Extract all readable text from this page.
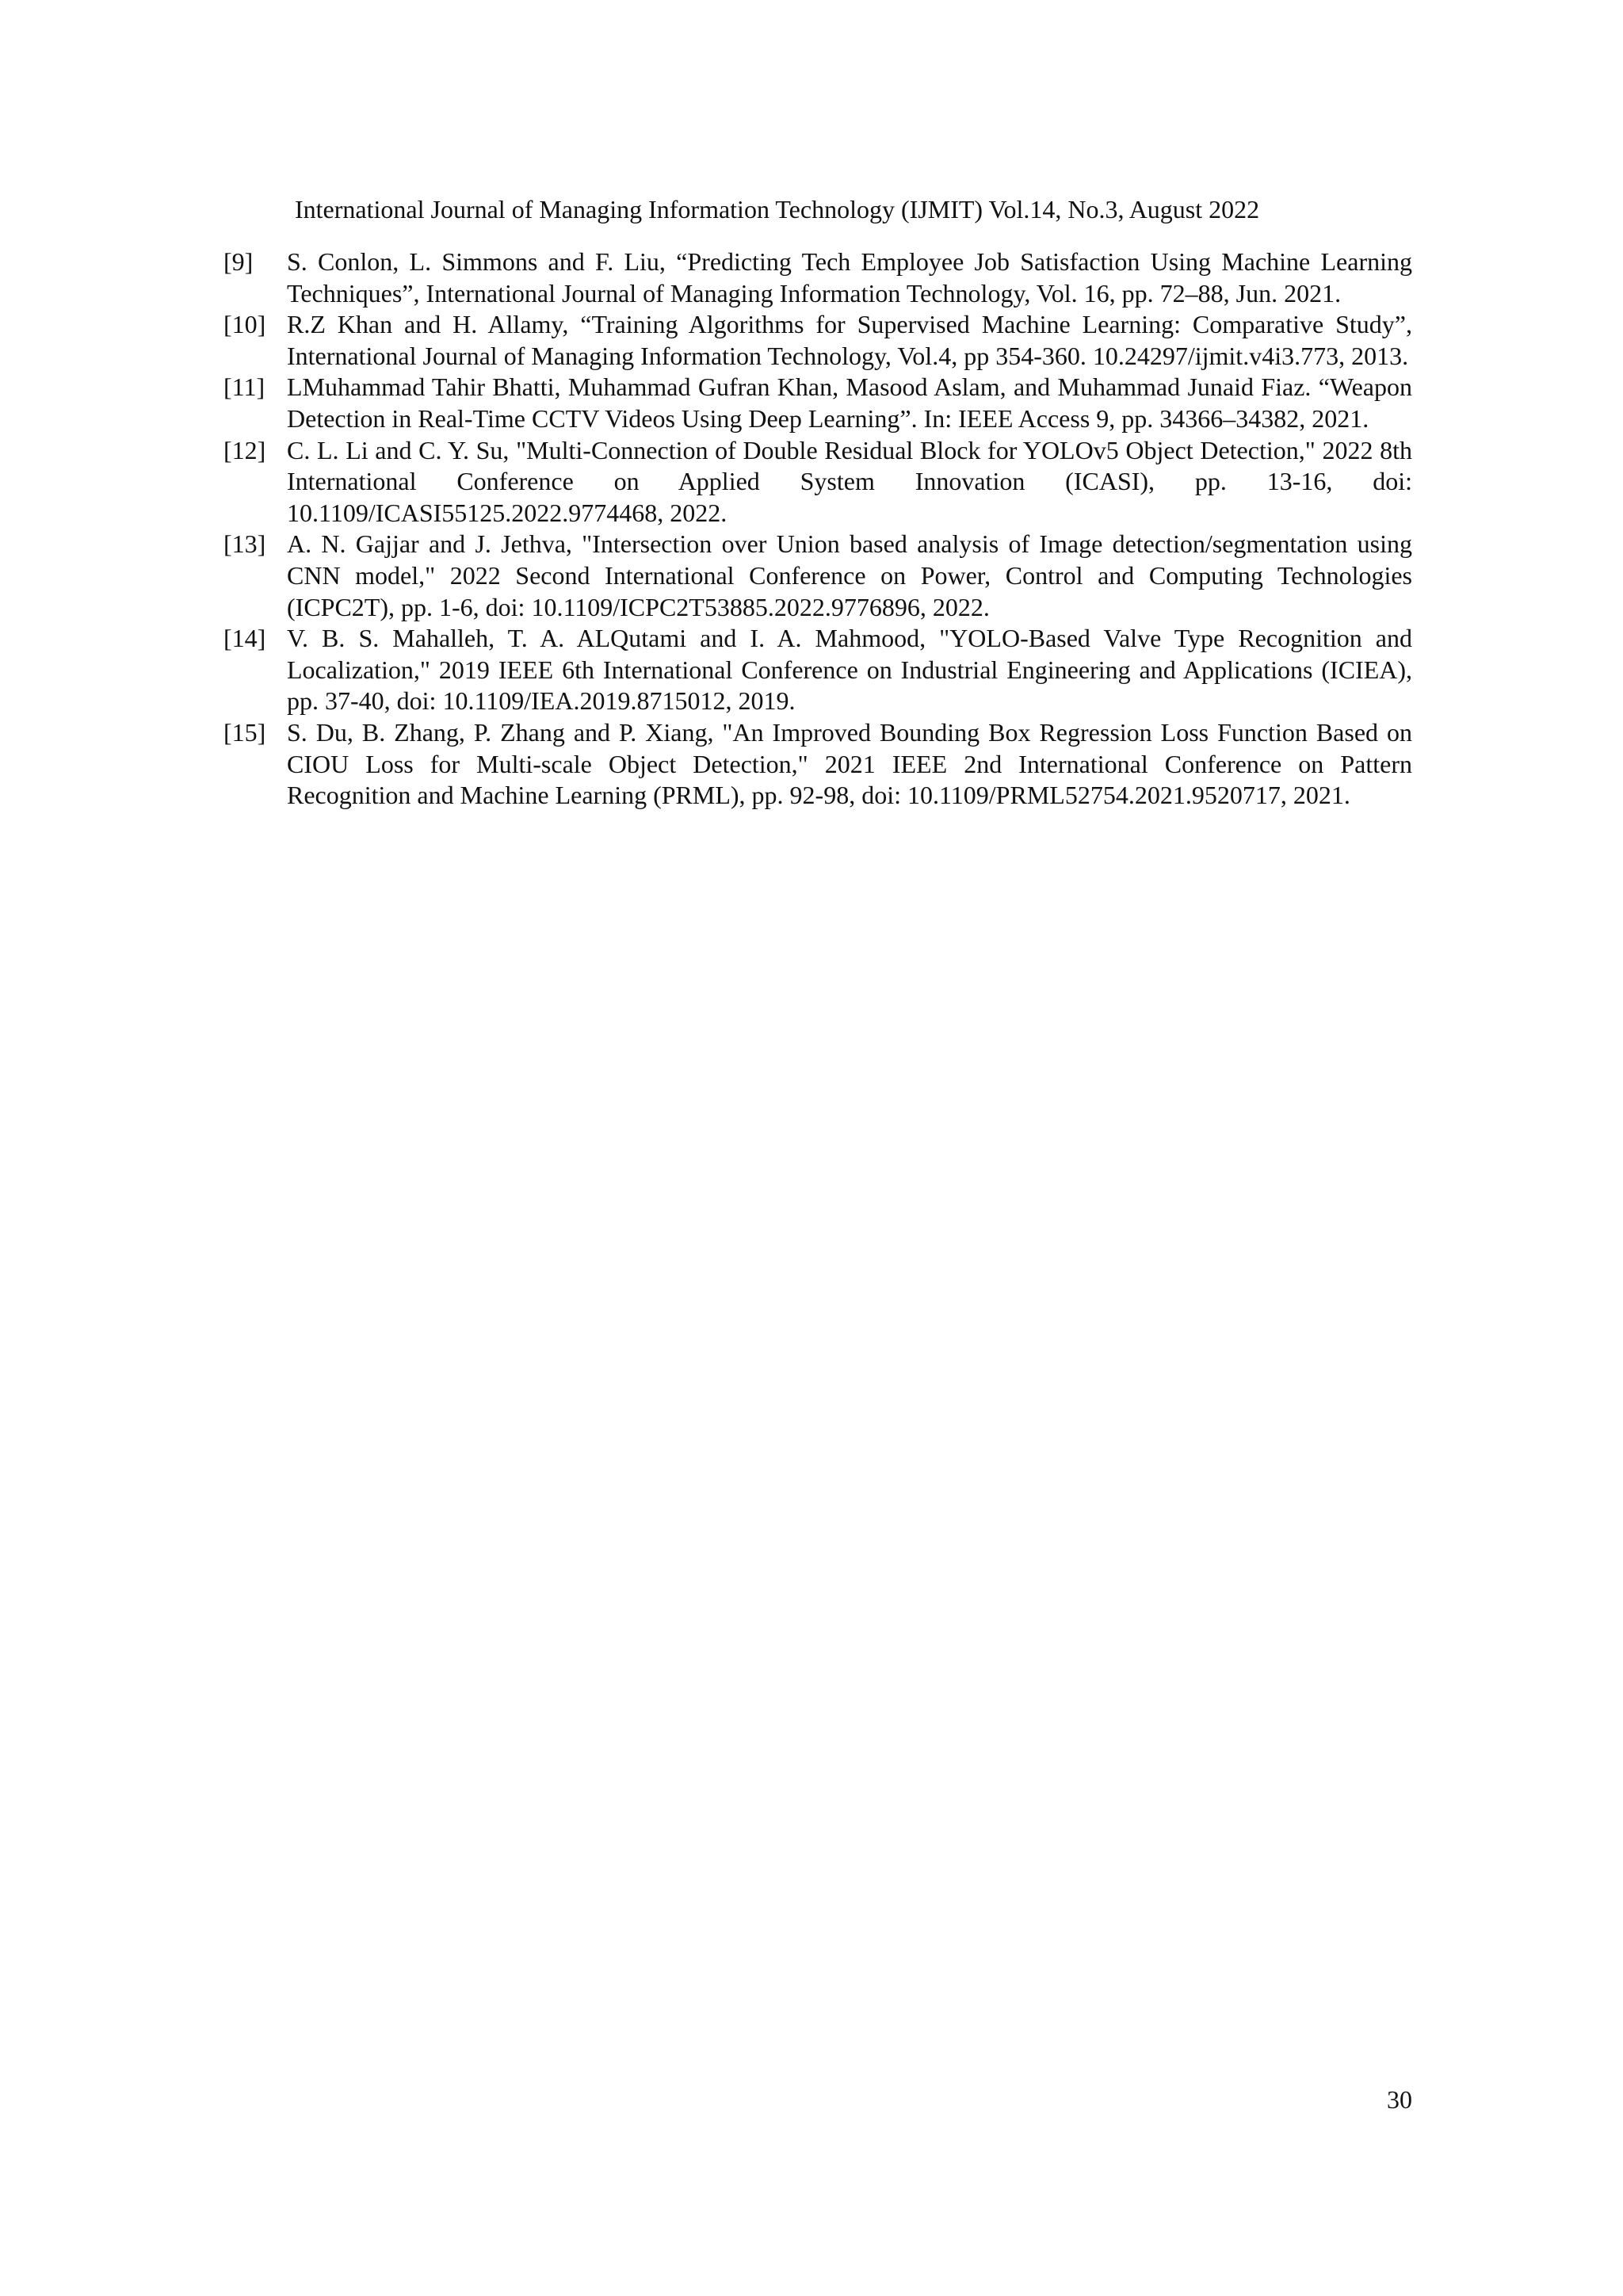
International Journal of Managing Information Technology (IJMIT) Vol.14, No.3, August 2022

[9] S. Conlon, L. Simmons and F. Liu, “Predicting Tech Employee Job Satisfaction Using Machine Learning Techniques”, International Journal of Managing Information Technology, Vol. 16, pp. 72–88, Jun. 2021.

[10] R.Z Khan and H. Allamy, “Training Algorithms for Supervised Machine Learning: Comparative Study”, International Journal of Managing Information Technology, Vol.4, pp 354-360. 10.24297/ijmit.v4i3.773, 2013.

[11] LMuhammad Tahir Bhatti, Muhammad Gufran Khan, Masood Aslam, and Muhammad Junaid Fiaz. “Weapon Detection in Real-Time CCTV Videos Using Deep Learning”. In: IEEE Access 9, pp. 34366–34382, 2021.

[12] C. L. Li and C. Y. Su, "Multi-Connection of Double Residual Block for YOLOv5 Object Detection," 2022 8th International Conference on Applied System Innovation (ICASI), pp. 13-16, doi: 10.1109/ICASI55125.2022.9774468, 2022.

[13] A. N. Gajjar and J. Jethva, "Intersection over Union based analysis of Image detection/segmentation using CNN model," 2022 Second International Conference on Power, Control and Computing Technologies (ICPC2T), pp. 1-6, doi: 10.1109/ICPC2T53885.2022.9776896, 2022.

[14] V. B. S. Mahalleh, T. A. ALQutami and I. A. Mahmood, "YOLO-Based Valve Type Recognition and Localization," 2019 IEEE 6th International Conference on Industrial Engineering and Applications (ICIEA), pp. 37-40, doi: 10.1109/IEA.2019.8715012, 2019.

[15] S. Du, B. Zhang, P. Zhang and P. Xiang, "An Improved Bounding Box Regression Loss Function Based on CIOU Loss for Multi-scale Object Detection," 2021 IEEE 2nd International Conference on Pattern Recognition and Machine Learning (PRML), pp. 92-98, doi: 10.1109/PRML52754.2021.9520717, 2021.

30
